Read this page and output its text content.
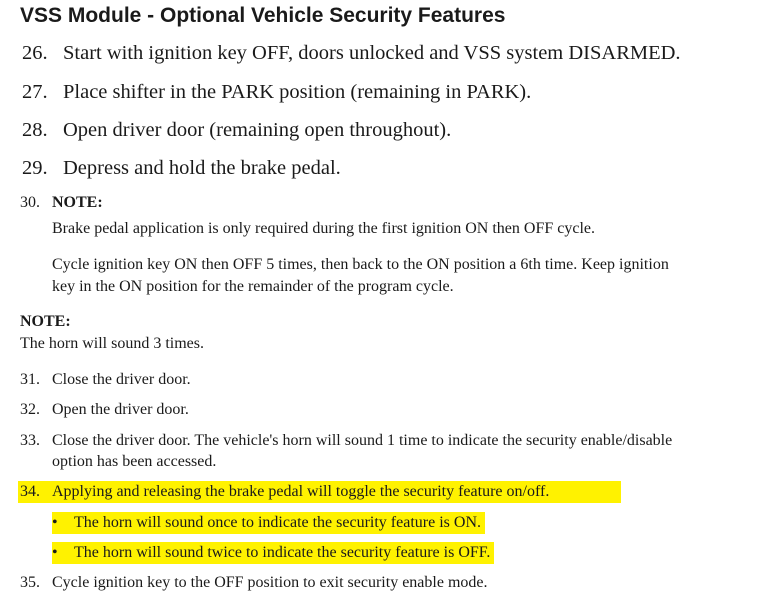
VSS Module - Optional Vehicle Security Features
26. Start with ignition key OFF, doors unlocked and VSS system DISARMED.
27. Place shifter in the PARK position (remaining in PARK).
28. Open driver door (remaining open throughout).
29. Depress and hold the brake pedal.
30. NOTE:
Brake pedal application is only required during the first ignition ON then OFF cycle.
Cycle ignition key ON then OFF 5 times, then back to the ON position a 6th time. Keep ignition
key in the ON position for the remainder of the program cycle.
NOTE:
The horn will sound 3 times.
31. Close the driver door.
32. Open the driver door.
33. Close the driver door. The vehicle's horn will sound 1 time to indicate the security enable/disable
option has been accessed.
34. Applying and releasing the brake pedal will toggle the security feature on/off.
• The horn will sound once to indicate the security feature is ON.
• The horn will sound twice to indicate the security feature is OFF.
35. Cycle ignition key to the OFF position to exit security enable mode.
